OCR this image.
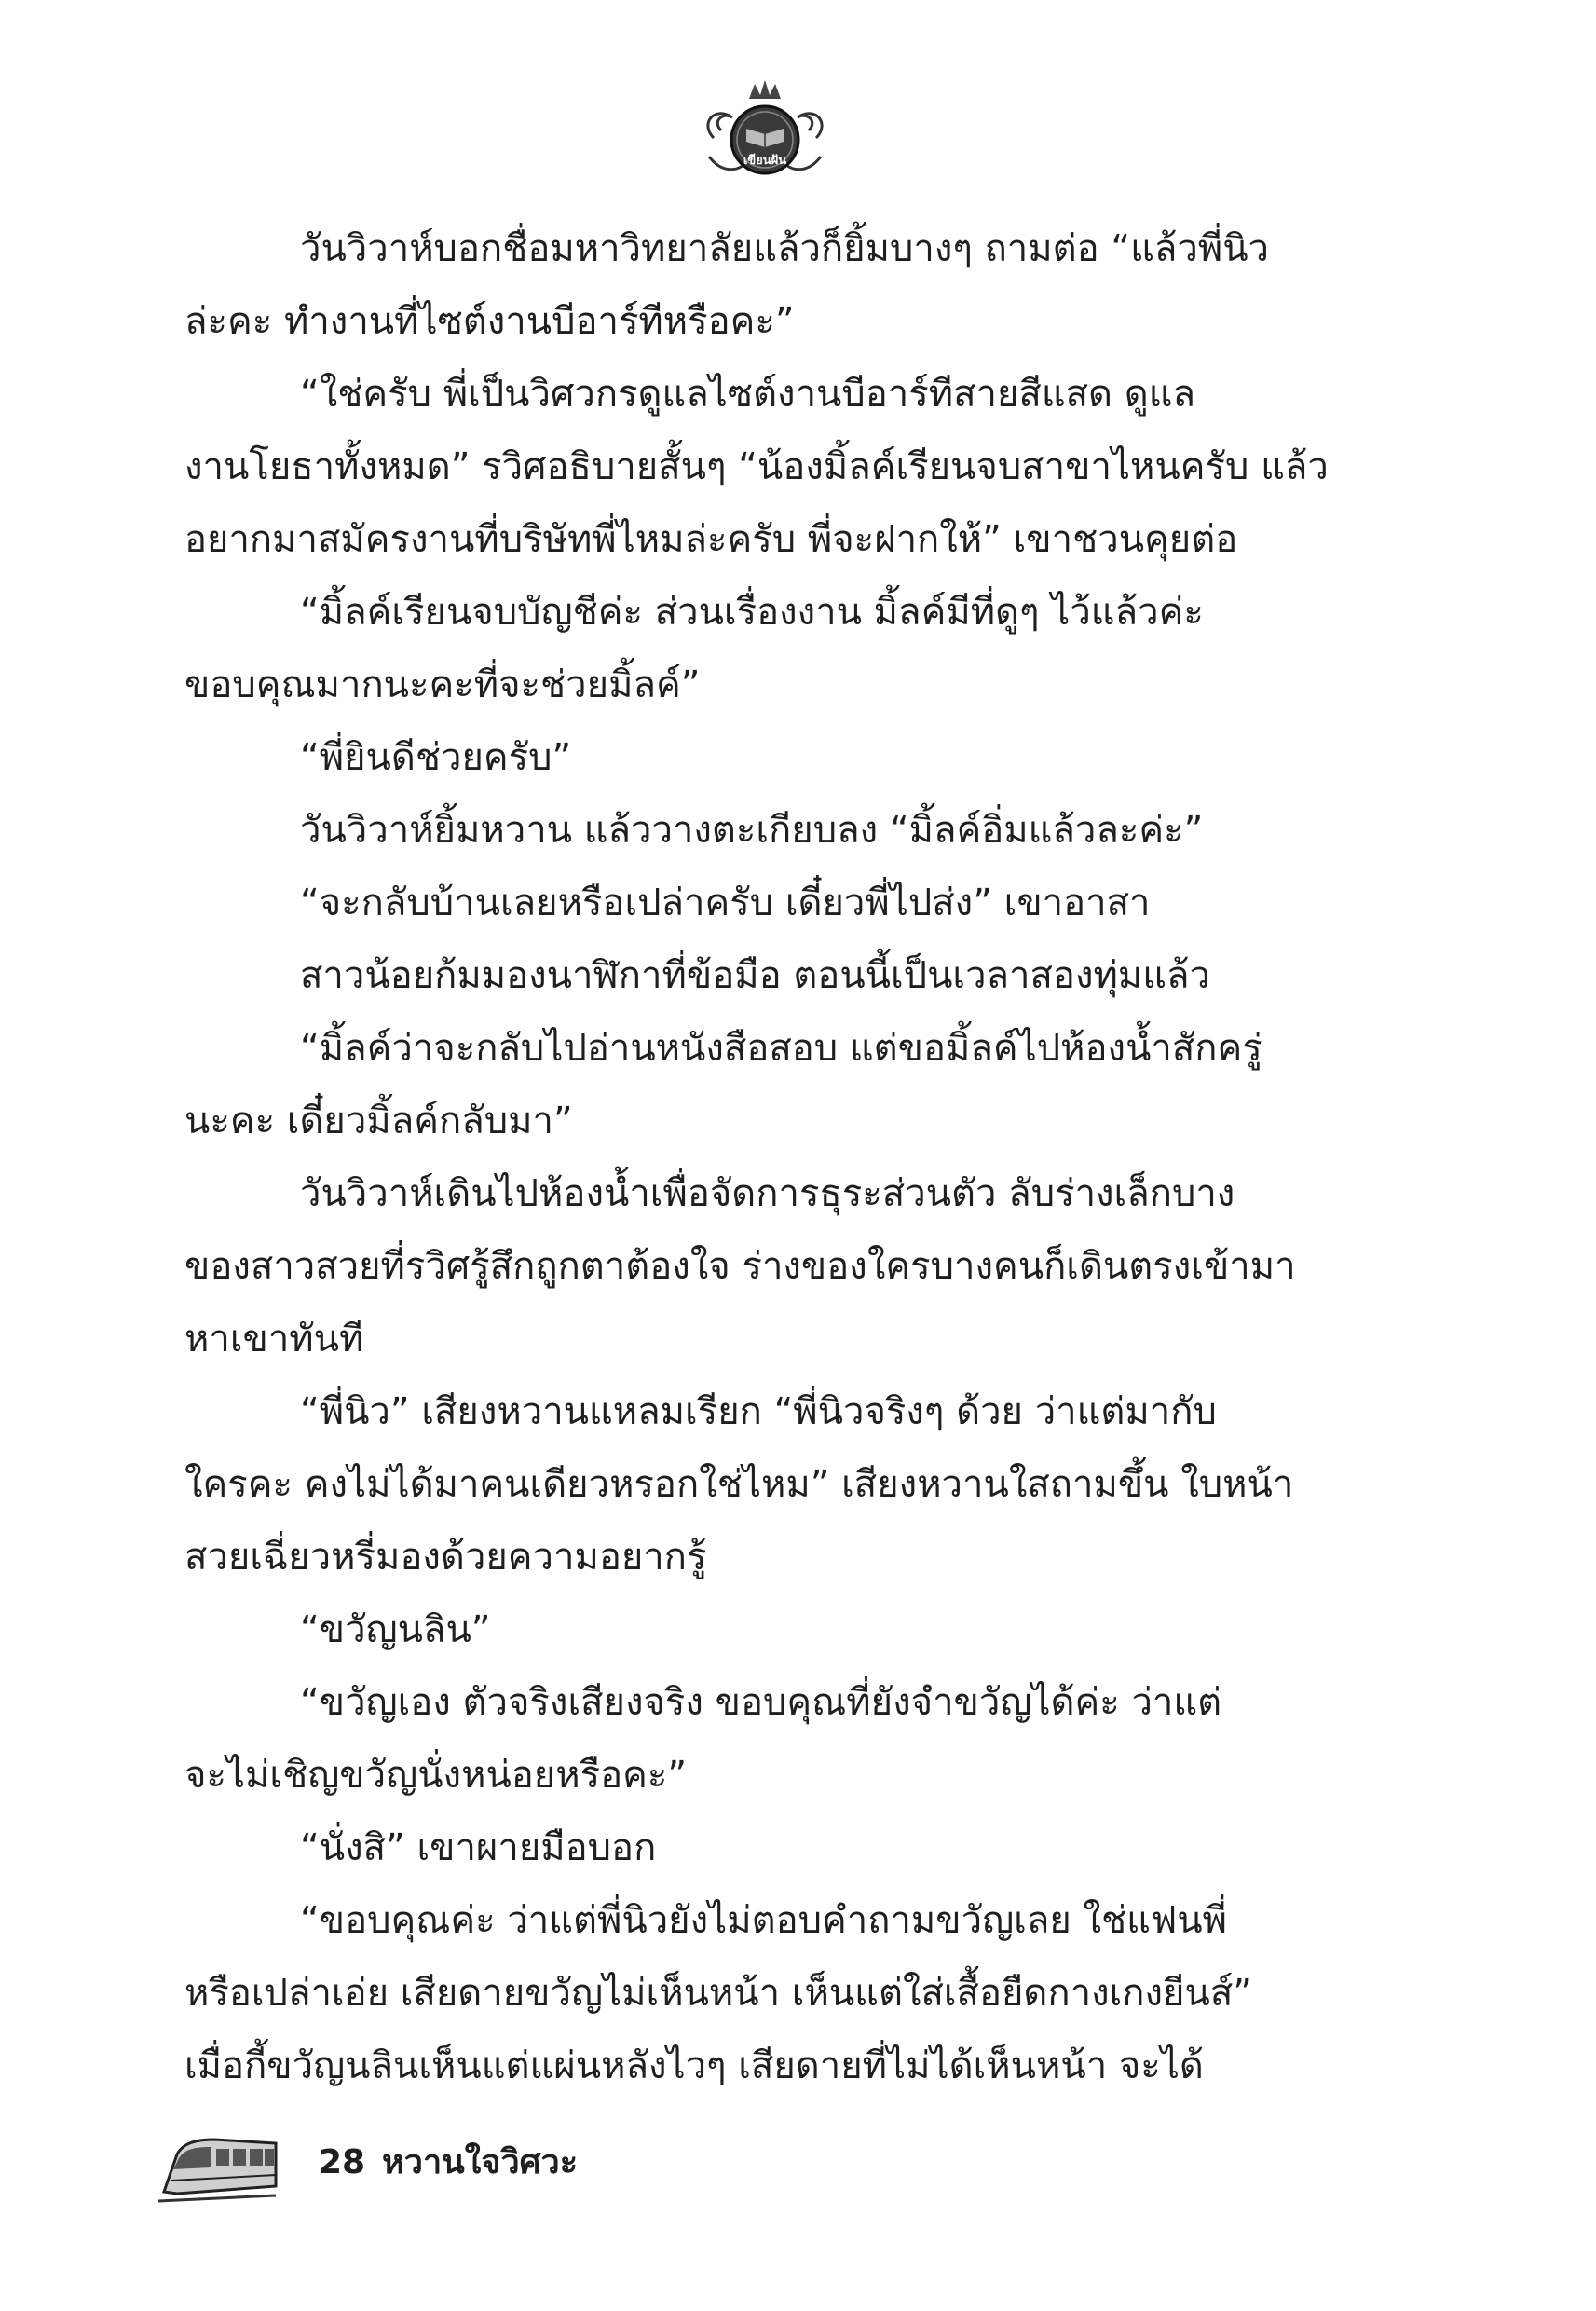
เขียนฝัน
วันวิวาห์บอกชื่อมหาวิทยาลัยแล้วก็ยิ้มบางๆ ถามต่อ “แล้วพี่นิว
ล่ะคะ ทำงานที่ไซต์งานบีอาร์ทีหรือคะ”
“ใช่ครับ พี่เป็นวิศวกรดูแลไซต์งานบีอาร์ทีสายสีแสด ดูแล
งานโยธาทั้งหมด” รวิศอธิบายสั้นๆ “น้องมิ้ลค์เรียนจบสาขาไหนครับ แล้ว
อยากมาสมัครงานที่บริษัทพี่ไหมล่ะครับ พี่จะฝากให้” เขาชวนคุยต่อ
“มิ้ลค์เรียนจบบัญชีค่ะ ส่วนเรื่องงาน มิ้ลค์มีที่ดูๆ ไว้แล้วค่ะ
ขอบคุณมากนะคะที่จะช่วยมิ้ลค์”
“พี่ยินดีช่วยครับ”
วันวิวาห์ยิ้มหวาน แล้ววางตะเกียบลง “มิ้ลค์อิ่มแล้วละค่ะ”
“จะกลับบ้านเลยหรือเปล่าครับ เดี๋ยวพี่ไปส่ง” เขาอาสา
สาวน้อยก้มมองนาฬิกาที่ข้อมือ ตอนนี้เป็นเวลาสองทุ่มแล้ว
“มิ้ลค์ว่าจะกลับไปอ่านหนังสือสอบ แต่ขอมิ้ลค์ไปห้องน้ำสักครู่
นะคะ เดี๋ยวมิ้ลค์กลับมา”
วันวิวาห์เดินไปห้องน้ำเพื่อจัดการธุระส่วนตัว ลับร่างเล็กบาง
ของสาวสวยที่รวิศรู้สึกถูกตาต้องใจ ร่างของใครบางคนก็เดินตรงเข้ามา
หาเขาทันที
“พี่นิว” เสียงหวานแหลมเรียก “พี่นิวจริงๆ ด้วย ว่าแต่มากับ
ใครคะ คงไม่ได้มาคนเดียวหรอกใช่ไหม” เสียงหวานใสถามขึ้น ใบหน้า
สวยเฉี่ยวหรี่มองด้วยความอยากรู้
“ขวัญนลิน”
“ขวัญเอง ตัวจริงเสียงจริง ขอบคุณที่ยังจำขวัญได้ค่ะ ว่าแต่
จะไม่เชิญขวัญนั่งหน่อยหรือคะ”
“นั่งสิ” เขาผายมือบอก
“ขอบคุณค่ะ ว่าแต่พี่นิวยังไม่ตอบคำถามขวัญเลย ใช่แฟนพี่
หรือเปล่าเอ่ย เสียดายขวัญไม่เห็นหน้า เห็นแต่ใส่เสื้อยืดกางเกงยีนส์”
เมื่อกี้ขวัญนลินเห็นแต่แผ่นหลังไวๆ เสียดายที่ไม่ได้เห็นหน้า จะได้
28 หวานใจวิศวะ
